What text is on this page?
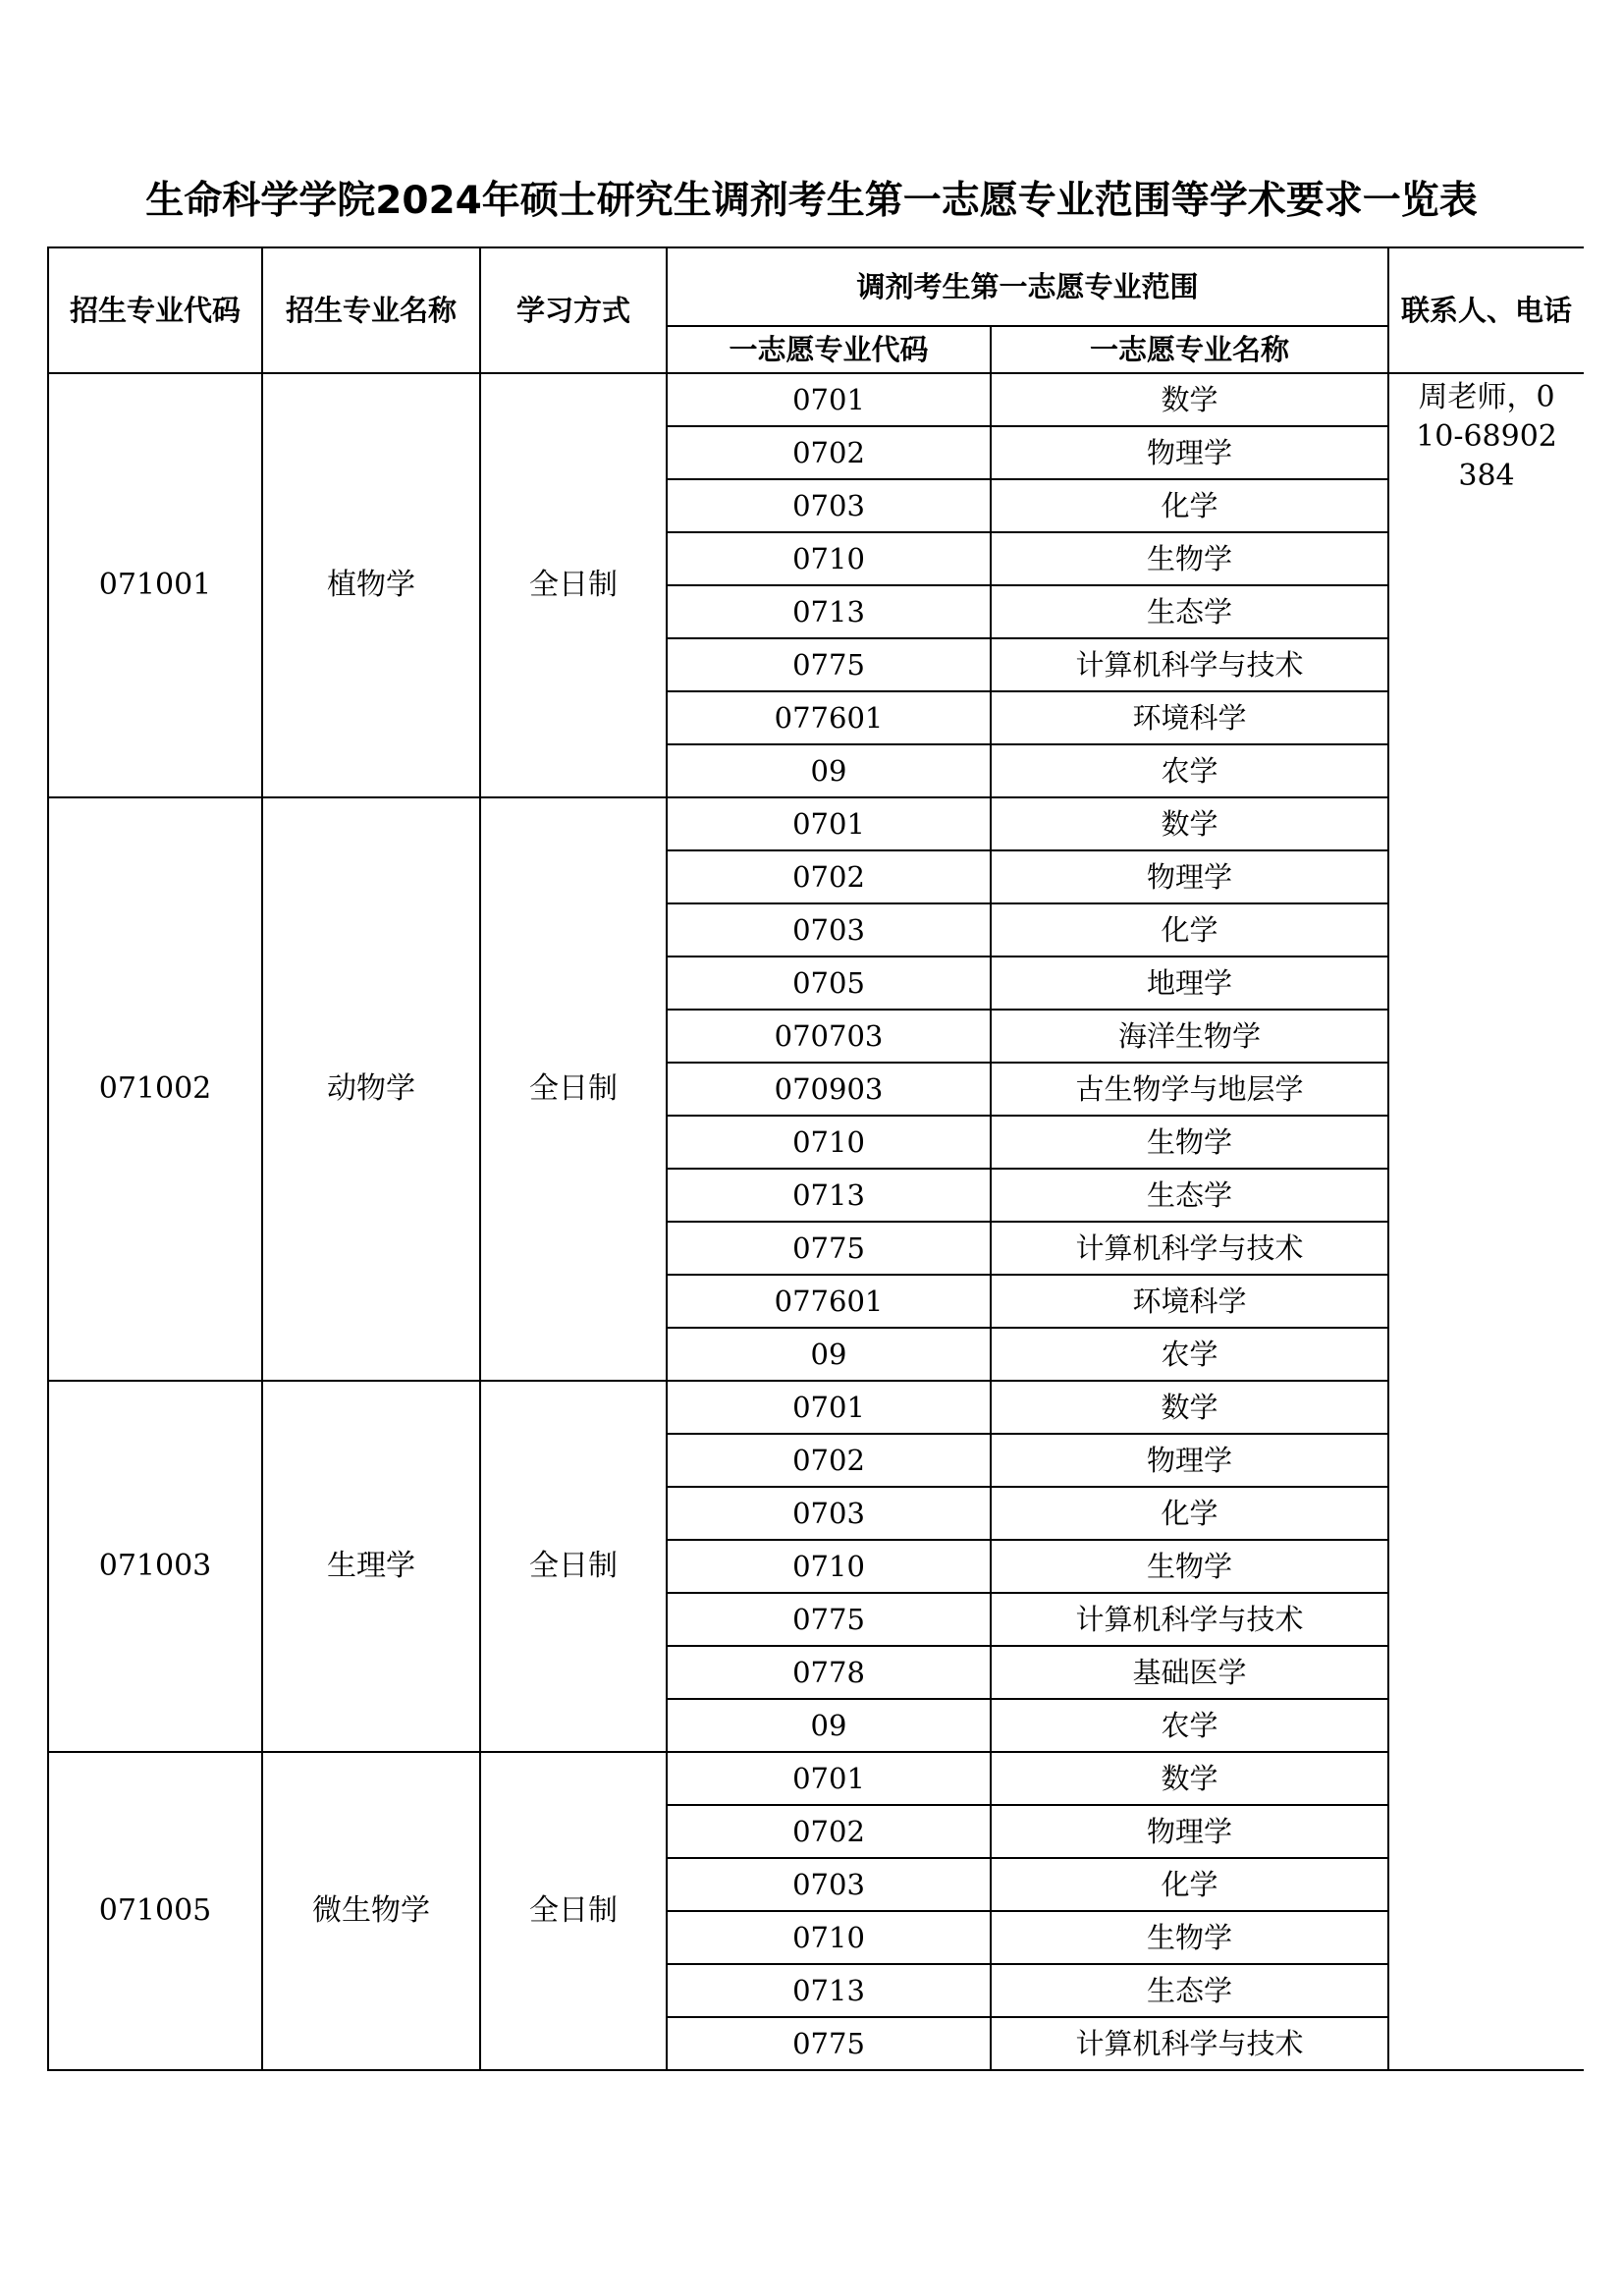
生命科学学院2024年硕士研究生调剂考生第一志愿专业范围等学术要求一览表
招生专业代码	招生专业名称	学习方式	调剂考生第一志愿专业范围		联系人、电话
			一志愿专业代码	一志愿专业名称	
071001	植物学	全日制	0701	数学	周老师，010-68902384
			0702	物理学	
			0703	化学	
			0710	生物学	
			0713	生态学	
			0775	计算机科学与技术	
			077601	环境科学	
			09	农学	
071002	动物学	全日制	0701	数学	
			0702	物理学	
			0703	化学	
			0705	地理学	
			070703	海洋生物学	
			070903	古生物学与地层学	
			0710	生物学	
			0713	生态学	
			0775	计算机科学与技术	
			077601	环境科学	
			09	农学	
071003	生理学	全日制	0701	数学	
			0702	物理学	
			0703	化学	
			0710	生物学	
			0775	计算机科学与技术	
			0778	基础医学	
			09	农学	
071005	微生物学	全日制	0701	数学	
			0702	物理学	
			0703	化学	
			0710	生物学	
			0713	生态学	
			0775	计算机科学与技术	
